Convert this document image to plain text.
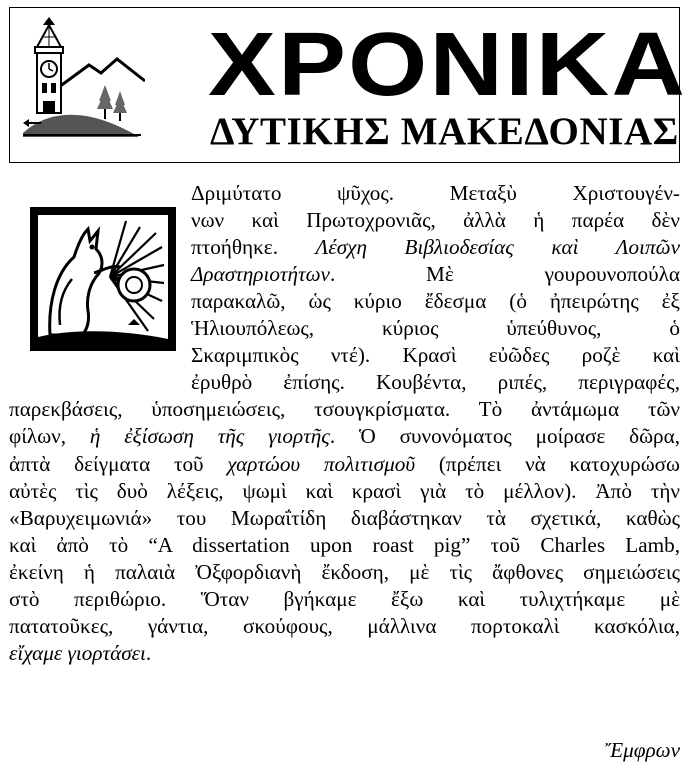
ΧΡΟΝΙΚΑ
ΔΥΤΙΚΗΣ ΜΑΚΕΔΟΝΙΑΣ
Δριμύτατο ψῦχος. Μεταξὺ Χριστουγέν-
νων καὶ Πρωτοχρονιᾶς, ἀλλὰ ἡ παρέα δὲν
πτοήθηκε. Λέσχη Βιβλιοδεσίας καὶ Λοιπῶν
Δραστηριοτήτων. Μὲ γουρουνοπούλα
παρακαλῶ, ὡς κύριο ἔδεσμα (ὁ ἠπειρώτης ἐξ
Ἡλιουπόλεως, κύριος ὑπεύθυνος, ὁ
Σκαριμπικὸς ντέ). Κρασὶ εὐῶδες ροζὲ καὶ
ἐρυθρὸ ἐπίσης. Κουβέντα, ριπές, περιγραφές,
παρεκβάσεις, ὑποσημειώσεις, τσουγκρίσματα. Τὸ ἀντάμωμα τῶν
φίλων, ἡ ἐξίσωση τῆς γιορτῆς. Ὁ συνονόματος μοίρασε δῶρα,
ἀπτὰ δείγματα τοῦ χαρτώου πολιτισμοῦ (πρέπει νὰ κατοχυρώσω
αὐτὲς τὶς δυὸ λέξεις, ψωμὶ καὶ κρασὶ γιὰ τὸ μέλλον). Ἀπὸ τὴν
«Βαρυχειμωνιά» του Μωραΐτίδη διαβάστηκαν τὰ σχετικά, καθὼς
καὶ ἀπὸ τὸ “A dissertation upon roast pig” τοῦ Charles Lamb,
ἐκείνη ἡ παλαιὰ Ὀξφορδιανὴ ἔκδοση, μὲ τὶς ἄφθονες σημειώσεις
στὸ περιθώριο. Ὅταν βγήκαμε ἔξω καὶ τυλιχτήκαμε μὲ
πατατοῦκες, γάντια, σκούφους, μάλλινα πορτοκαλὶ κασκόλια,
εἴχαμε γιορτάσει.
Ἔμφρων
